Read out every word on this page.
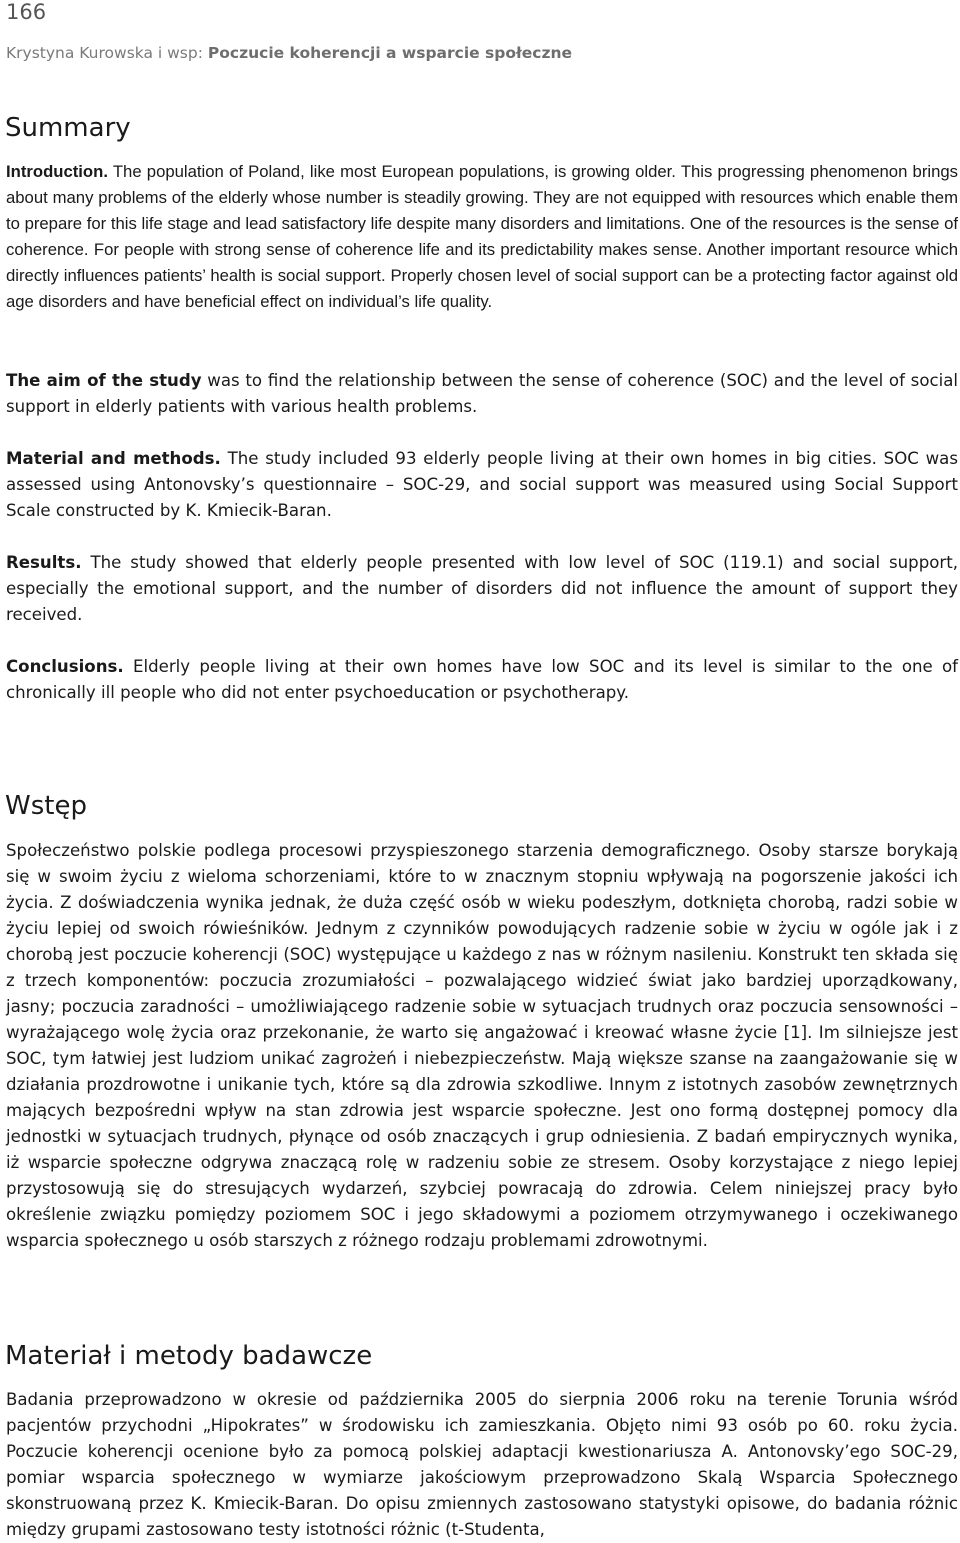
166
Krystyna Kurowska i wsp: Poczucie koherencji a wsparcie społeczne
Summary

Introduction. The population of Poland, like most European populations, is growing older. This progressing phenomenon brings about many problems of the elderly whose number is steadily growing. They are not equipped with resources which enable them to prepare for this life stage and lead satisfactory life despite many disorders and limitations. One of the resources is the sense of coherence. For people with strong sense of coherence life and its predictability makes sense. Another important resource which directly influences patients’ health is social support. Properly chosen level of social support can be a protecting factor against old age disorders and have beneficial effect on individual’s life quality.

The aim of the study was to find the relationship between the sense of coherence (SOC) and the level of social support in elderly patients with various health problems.

Material and methods. The study included 93 elderly people living at their own homes in big cities. SOC was assessed using Antonovsky’s questionnaire – SOC-29, and social support was measured using Social Support Scale constructed by K. Kmiecik-Baran.

Results. The study showed that elderly people presented with low level of SOC (119.1) and social support, especially the emotional support, and the number of disorders did not influence the amount of support they received.

Conclusions. Elderly people living at their own homes have low SOC and its level is similar to the one of chronically ill people who did not enter psychoeducation or psychotherapy.

Wstęp

Społeczeństwo polskie podlega procesowi przyspieszonego starzenia demograficznego. Osoby starsze borykają się w swoim życiu z wieloma schorzeniami, które to w znacznym stopniu wpływają na pogorszenie jakości ich życia. Z doświadczenia wynika jednak, że duża część osób w wieku podeszłym, dotknięta chorobą, radzi sobie w życiu lepiej od swoich rówieśników. Jednym z czynników powodujących radzenie sobie w życiu w ogóle jak i z chorobą jest poczucie koherencji (SOC) występujące u każdego z nas w różnym nasileniu. Konstrukt ten składa się z trzech komponentów: poczucia zrozumiałości – pozwalającego widzieć świat jako bardziej uporządkowany, jasny; poczucia zaradności – umożliwiającego radzenie sobie w sytuacjach trudnych oraz poczucia sensowności – wyrażającego wolę życia oraz przekonanie, że warto się angażować i kreować własne życie [1]. Im silniejsze jest SOC, tym łatwiej jest ludziom unikać zagrożeń i niebezpieczeństw. Mają większe szanse na zaangażowanie się w działania prozdrowotne i unikanie tych, które są dla zdrowia szkodliwe. Innym z istotnych zasobów zewnętrznych mających bezpośredni wpływ na stan zdrowia jest wsparcie społeczne. Jest ono formą dostępnej pomocy dla jednostki w sytuacjach trudnych, płynące od osób znaczących i grup odniesienia. Z badań empirycznych wynika, iż wsparcie społeczne odgrywa znaczącą rolę w radzeniu sobie ze stresem. Osoby korzystające z niego lepiej przystosowują się do stresujących wydarzeń, szybciej powracają do zdrowia. Celem niniejszej pracy było określenie związku pomiędzy poziomem SOC i jego składowymi a poziomem otrzymywanego i oczekiwanego wsparcia społecznego u osób starszych z różnego rodzaju problemami zdrowotnymi.

Materiał i metody badawcze

Badania przeprowadzono w okresie od października 2005 do sierpnia 2006 roku na terenie Torunia wśród pacjentów przychodni „Hipokrates” w środowisku ich zamieszkania. Objęto nimi 93 osób po 60. roku życia. Poczucie koherencji ocenione było za pomocą polskiej adaptacji kwestionariusza A. Antonovsky’ego SOC-29, pomiar wsparcia społecznego w wymiarze jakościowym przeprowadzono Skalą Wsparcia Społecznego skonstruowaną przez K. Kmiecik-Baran. Do opisu zmiennych zastosowano statystyki opisowe, do badania różnic między grupami zastosowano testy istotności różnic (t-Studenta,
